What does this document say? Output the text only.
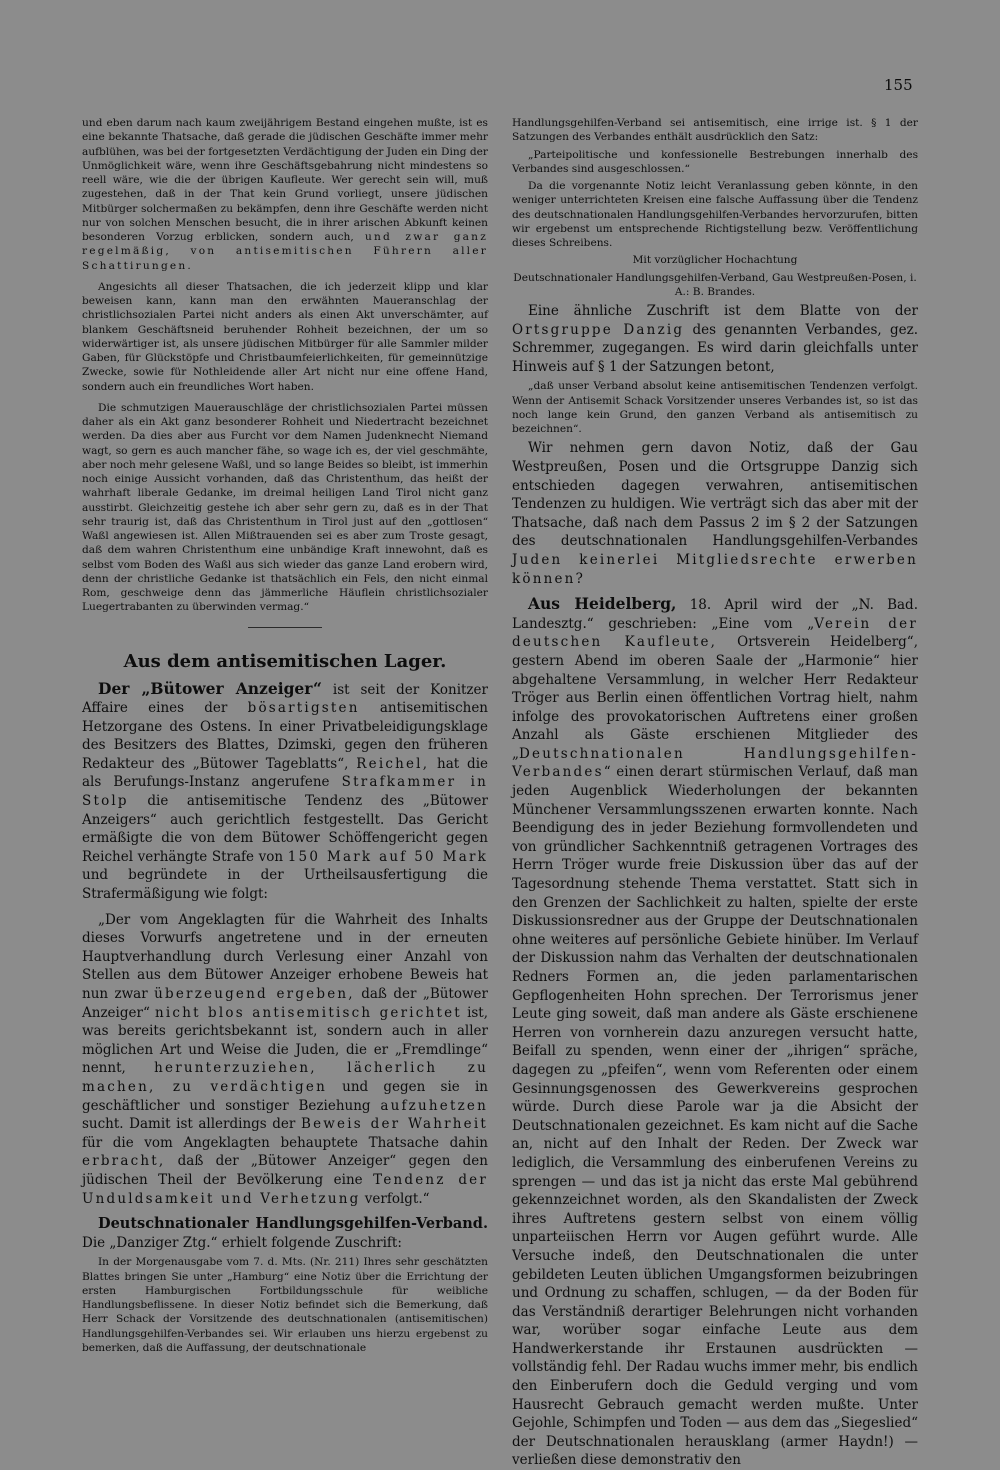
155

und eben darum nach kaum zweijährigem Bestand eingehen mußte, ist es eine bekannte Thatsache, daß gerade die jüdischen Geschäfte immer mehr aufblühen, was bei der fortgesetzten Verdächtigung der Juden ein Ding der Unmöglichkeit wäre, wenn ihre Geschäftsgebahrung nicht mindestens so reell wäre, wie die der übrigen Kaufleute. Wer gerecht sein will, muß zugestehen, daß in der That kein Grund vorliegt, unsere jüdischen Mitbürger solchermaßen zu bekämpfen, denn ihre Geschäfte werden nicht nur von solchen Menschen besucht, die in ihrer arischen Abkunft keinen besonderen Vorzug erblicken, sondern auch, und zwar ganz regelmäßig, von antisemitischen Führern aller Schattirungen.

Angesichts all dieser Thatsachen, die ich jederzeit klipp und klar beweisen kann, kann man den erwähnten Maueranschlag der christlichsozialen Partei nicht anders als einen Akt unverschämter, auf blankem Geschäftsneid beruhender Rohheit bezeichnen, der um so widerwärtiger ist, als unsere jüdischen Mitbürger für alle Sammler milder Gaben, für Glückstöpfe und Christbaumfeierlichkeiten, für gemeinnützige Zwecke, sowie für Nothleidende aller Art nicht nur eine offene Hand, sondern auch ein freundliches Wort haben.

Die schmutzigen Mauerauschläge der christlichsozialen Partei müssen daher als ein Akt ganz besonderer Rohheit und Niedertracht bezeichnet werden. Da dies aber aus Furcht vor dem Namen Judenknecht Niemand wagt, so gern es auch mancher fähe, so wage ich es, der viel geschmähte, aber noch mehr gelesene Waßl, und so lange Beides so bleibt, ist immerhin noch einige Aussicht vorhanden, daß das Christenthum, das heißt der wahrhaft liberale Gedanke, im dreimal heiligen Land Tirol nicht ganz ausstirbt. Gleichzeitig gestehe ich aber sehr gern zu, daß es in der That sehr traurig ist, daß das Christenthum in Tirol just auf den „gottlosen“ Waßl angewiesen ist. Allen Mißtrauenden sei es aber zum Troste gesagt, daß dem wahren Christenthum eine unbändige Kraft innewohnt, daß es selbst vom Boden des Waßl aus sich wieder das ganze Land erobern wird, denn der christliche Gedanke ist thatsächlich ein Fels, den nicht einmal Rom, geschweige denn das jämmerliche Häuflein christlichsozialer Luegertrabanten zu überwinden vermag.“

Aus dem antisemitischen Lager.

Der „Bütower Anzeiger“ ist seit der Konitzer Affaire eines der bösartigsten antisemitischen Hetzorgane des Ostens. In einer Privatbeleidigungsklage des Besitzers des Blattes, Dzimski, gegen den früheren Redakteur des „Bütower Tageblatts“, Reichel, hat die als Berufungs-Instanz angerufene Strafkammer in Stolp die antisemitische Tendenz des „Bütower Anzeigers“ auch gerichtlich festgestellt. Das Gericht ermäßigte die von dem Bütower Schöffengericht gegen Reichel verhängte Strafe von 150 Mark auf 50 Mark und begründete in der Urtheilsausfertigung die Strafermäßigung wie folgt:

„Der vom Angeklagten für die Wahrheit des Inhalts dieses Vorwurfs angetretene und in der erneuten Hauptverhandlung durch Verlesung einer Anzahl von Stellen aus dem Bütower Anzeiger erhobene Beweis hat nun zwar überzeugend ergeben, daß der „Bütower Anzeiger“ nicht blos antisemitisch gerichtet ist, was bereits gerichtsbekannt ist, sondern auch in aller möglichen Art und Weise die Juden, die er „Fremdlinge“ nennt, herunterzuziehen, lächerlich zu machen, zu verdächtigen und gegen sie in geschäftlicher und sonstiger Beziehung aufzuhetzen sucht. Damit ist allerdings der Beweis der Wahrheit für die vom Angeklagten behauptete Thatsache dahin erbracht, daß der „Bütower Anzeiger“ gegen den jüdischen Theil der Bevölkerung eine Tendenz der Unduldsamkeit und Verhetzung verfolgt.“

Deutschnationaler Handlungsgehilfen-Verband. Die „Danziger Ztg.“ erhielt folgende Zuschrift:

In der Morgenausgabe vom 7. d. Mts. (Nr. 211) Ihres sehr geschätzten Blattes bringen Sie unter „Hamburg“ eine Notiz über die Errichtung der ersten Hamburgischen Fortbildungsschule für weibliche Handlungsbeflissene. In dieser Notiz befindet sich die Bemerkung, daß Herr Schack der Vorsitzende des deutschnationalen (antisemitischen) Handlungsgehilfen-Verbandes sei. Wir erlauben uns hierzu ergebenst zu bemerken, daß die Auffassung, der deutschnationale

Handlungsgehilfen-Verband sei antisemitisch, eine irrige ist. § 1 der Satzungen des Verbandes enthält ausdrücklich den Satz:

„Parteipolitische und konfessionelle Bestrebungen innerhalb des Verbandes sind ausgeschlossen.“

Da die vorgenannte Notiz leicht Veranlassung geben könnte, in den weniger unterrichteten Kreisen eine falsche Auffassung über die Tendenz des deutschnationalen Handlungsgehilfen-Verbandes hervorzurufen, bitten wir ergebenst um entsprechende Richtigstellung bezw. Veröffentlichung dieses Schreibens.

Mit vorzüglicher Hochachtung

Deutschnationaler Handlungsgehilfen-Verband, Gau Westpreußen-Posen, i. A.: B. Brandes.

Eine ähnliche Zuschrift ist dem Blatte von der Ortsgruppe Danzig des genannten Verbandes, gez. Schremmer, zugegangen. Es wird darin gleichfalls unter Hinweis auf § 1 der Satzungen betont,

„daß unser Verband absolut keine antisemitischen Tendenzen verfolgt. Wenn der Antisemit Schack Vorsitzender unseres Verbandes ist, so ist das noch lange kein Grund, den ganzen Verband als antisemitisch zu bezeichnen“.

Wir nehmen gern davon Notiz, daß der Gau Westpreußen, Posen und die Ortsgruppe Danzig sich entschieden dagegen verwahren, antisemitischen Tendenzen zu huldigen. Wie verträgt sich das aber mit der Thatsache, daß nach dem Passus 2 im § 2 der Satzungen des deutschnationalen Handlungsgehilfen-Verbandes Juden keinerlei Mitgliedsrechte erwerben können?

Aus Heidelberg, 18. April wird der „N. Bad. Landesztg.“ geschrieben: „Eine vom „Verein der deutschen Kaufleute, Ortsverein Heidelberg“, gestern Abend im oberen Saale der „Harmonie“ hier abgehaltene Versammlung, in welcher Herr Redakteur Tröger aus Berlin einen öffentlichen Vortrag hielt, nahm infolge des provokatorischen Auftretens einer großen Anzahl als Gäste erschienen Mitglieder des „Deutschnationalen Handlungsgehilfen-Verbandes“ einen derart stürmischen Verlauf, daß man jeden Augenblick Wiederholungen der bekannten Münchener Versammlungsszenen erwarten konnte. Nach Beendigung des in jeder Beziehung formvollendeten und von gründlicher Sachkenntniß getragenen Vortrages des Herrn Tröger wurde freie Diskussion über das auf der Tagesordnung stehende Thema verstattet. Statt sich in den Grenzen der Sachlichkeit zu halten, spielte der erste Diskussionsredner aus der Gruppe der Deutschnationalen ohne weiteres auf persönliche Gebiete hinüber. Im Verlauf der Diskussion nahm das Verhalten der deutschnationalen Redners Formen an, die jeden parlamentarischen Gepflogenheiten Hohn sprechen. Der Terrorismus jener Leute ging soweit, daß man andere als Gäste erschienene Herren von vornherein dazu anzuregen versucht hatte, Beifall zu spenden, wenn einer der „ihrigen“ spräche, dagegen zu „pfeifen“, wenn vom Referenten oder einem Gesinnungsgenossen des Gewerkvereins gesprochen würde. Durch diese Parole war ja die Absicht der Deutschnationalen gezeichnet. Es kam nicht auf die Sache an, nicht auf den Inhalt der Reden. Der Zweck war lediglich, die Versammlung des einberufenen Vereins zu sprengen — und das ist ja nicht das erste Mal gebührend gekennzeichnet worden, als den Skandalisten der Zweck ihres Auftretens gestern selbst von einem völlig unparteiischen Herrn vor Augen geführt wurde. Alle Versuche indeß, den Deutschnationalen die unter gebildeten Leuten üblichen Umgangsformen beizubringen und Ordnung zu schaffen, schlugen, — da der Boden für das Verständniß derartiger Belehrungen nicht vorhanden war, worüber sogar einfache Leute aus dem Handwerkerstande ihr Erstaunen ausdrückten — vollständig fehl. Der Radau wuchs immer mehr, bis endlich den Einberufern doch die Geduld verging und vom Hausrecht Gebrauch gemacht werden mußte. Unter Gejohle, Schimpfen und Toden — aus dem das „Siegeslied“ der Deutschnationalen herausklang (armer Haydn!) — verließen diese demonstrativ den
